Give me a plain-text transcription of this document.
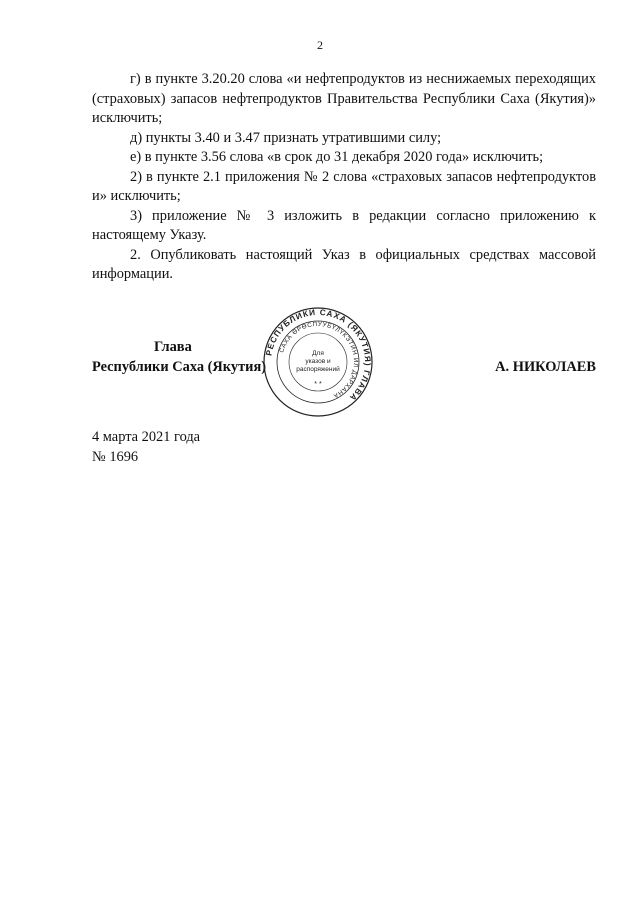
2

г) в пункте 3.20.20 слова «и нефтепродуктов из неснижаемых переходящих (страховых) запасов нефтепродуктов Правительства Республики Саха (Якутия)» исключить;

д) пункты 3.40 и 3.47 признать утратившими силу;

е) в пункте 3.56 слова «в срок до 31 декабря 2020 года» исключить;

2) в пункте 2.1 приложения № 2 слова «страховых запасов нефтепродуктов и» исключить;

3) приложение № 3 изложить в редакции согласно приложению к настоящему Указу.

2. Опубликовать настоящий Указ в официальных средствах массовой информации.

Глава
Республики Саха (Якутия)	А. НИКОЛАЕВ
РЕСПУБЛИКИ САХА (ЯКУТИЯ) ГЛАВА
САХА ӨРӨСПУУБҮЛҮКЭТИН ИЛ ДАРХАНА
Для
указов и
распоряжений
* *
4 марта 2021 года
№ 1696
